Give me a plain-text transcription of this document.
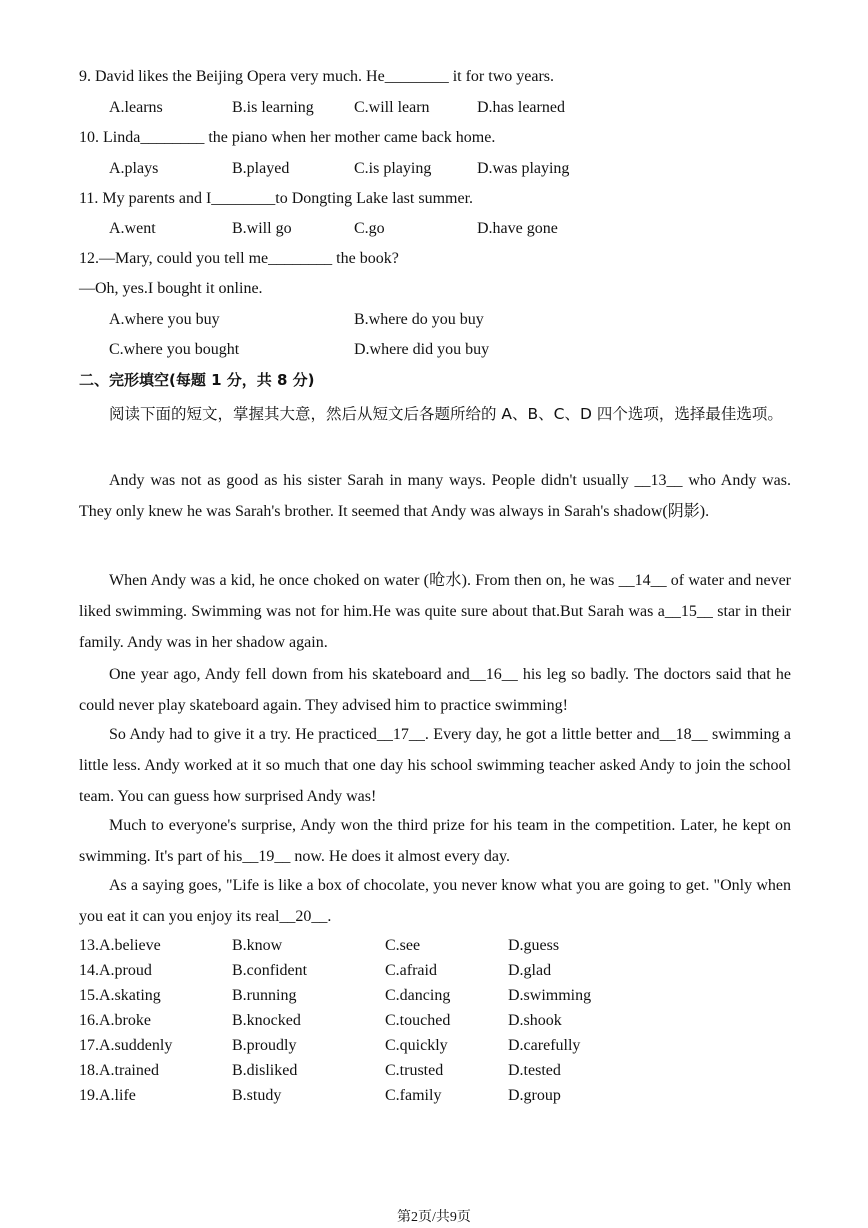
9. David likes the Beijing Opera very much. He________ it for two years.
A.learns	B.is learning	C.will learn	D.has learned
10. Linda________ the piano when her mother came back home.
A.plays	B.played	C.is playing	D.was playing
11. My parents and I________to Dongting Lake last summer.
A.went	B.will go	C.go	D.have gone
12.—Mary, could you tell me________ the book?
—Oh, yes.I bought it online.
A.where you buy	B.where do you buy
C.where you bought	D.where did you buy
二、完形填空(每题 1 分，共 8 分)
阅读下面的短文，掌握其大意，然后从短文后各题所给的 A、B、C、D 四个选项，选择最佳选项。
Andy was not as good as his sister Sarah in many ways. People didn't usually __13__ who Andy was. They only knew he was Sarah's brother. It seemed that Andy was always in Sarah's shadow(阴影).
When Andy was a kid, he once choked on water (呛水). From then on, he was __14__ of water and never liked swimming. Swimming was not for him.He was quite sure about that.But Sarah was a__15__ star in their family. Andy was in her shadow again.
One year ago, Andy fell down from his skateboard and__16__ his leg so badly. The doctors said that he could never play skateboard again. They advised him to practice swimming!
So Andy had to give it a try. He practiced__17__. Every day, he got a little better and__18__ swimming a little less. Andy worked at it so much that one day his school swimming teacher asked Andy to join the school team. You can guess how surprised Andy was!
Much to everyone's surprise, Andy won the third prize for his team in the competition. Later, he kept on swimming. It's part of his__19__ now. He does it almost every day.
As a saying goes, "Life is like a box of chocolate, you never know what you are going to get. "Only when you eat it can you enjoy its real__20__.
13.A.believe	B.know	C.see	D.guess
14.A.proud	B.confident	C.afraid	D.glad
15.A.skating	B.running	C.dancing	D.swimming
16.A.broke	B.knocked	C.touched	D.shook
17.A.suddenly	B.proudly	C.quickly	D.carefully
18.A.trained	B.disliked	C.trusted	D.tested
19.A.life	B.study	C.family	D.group
第2页/共9页
